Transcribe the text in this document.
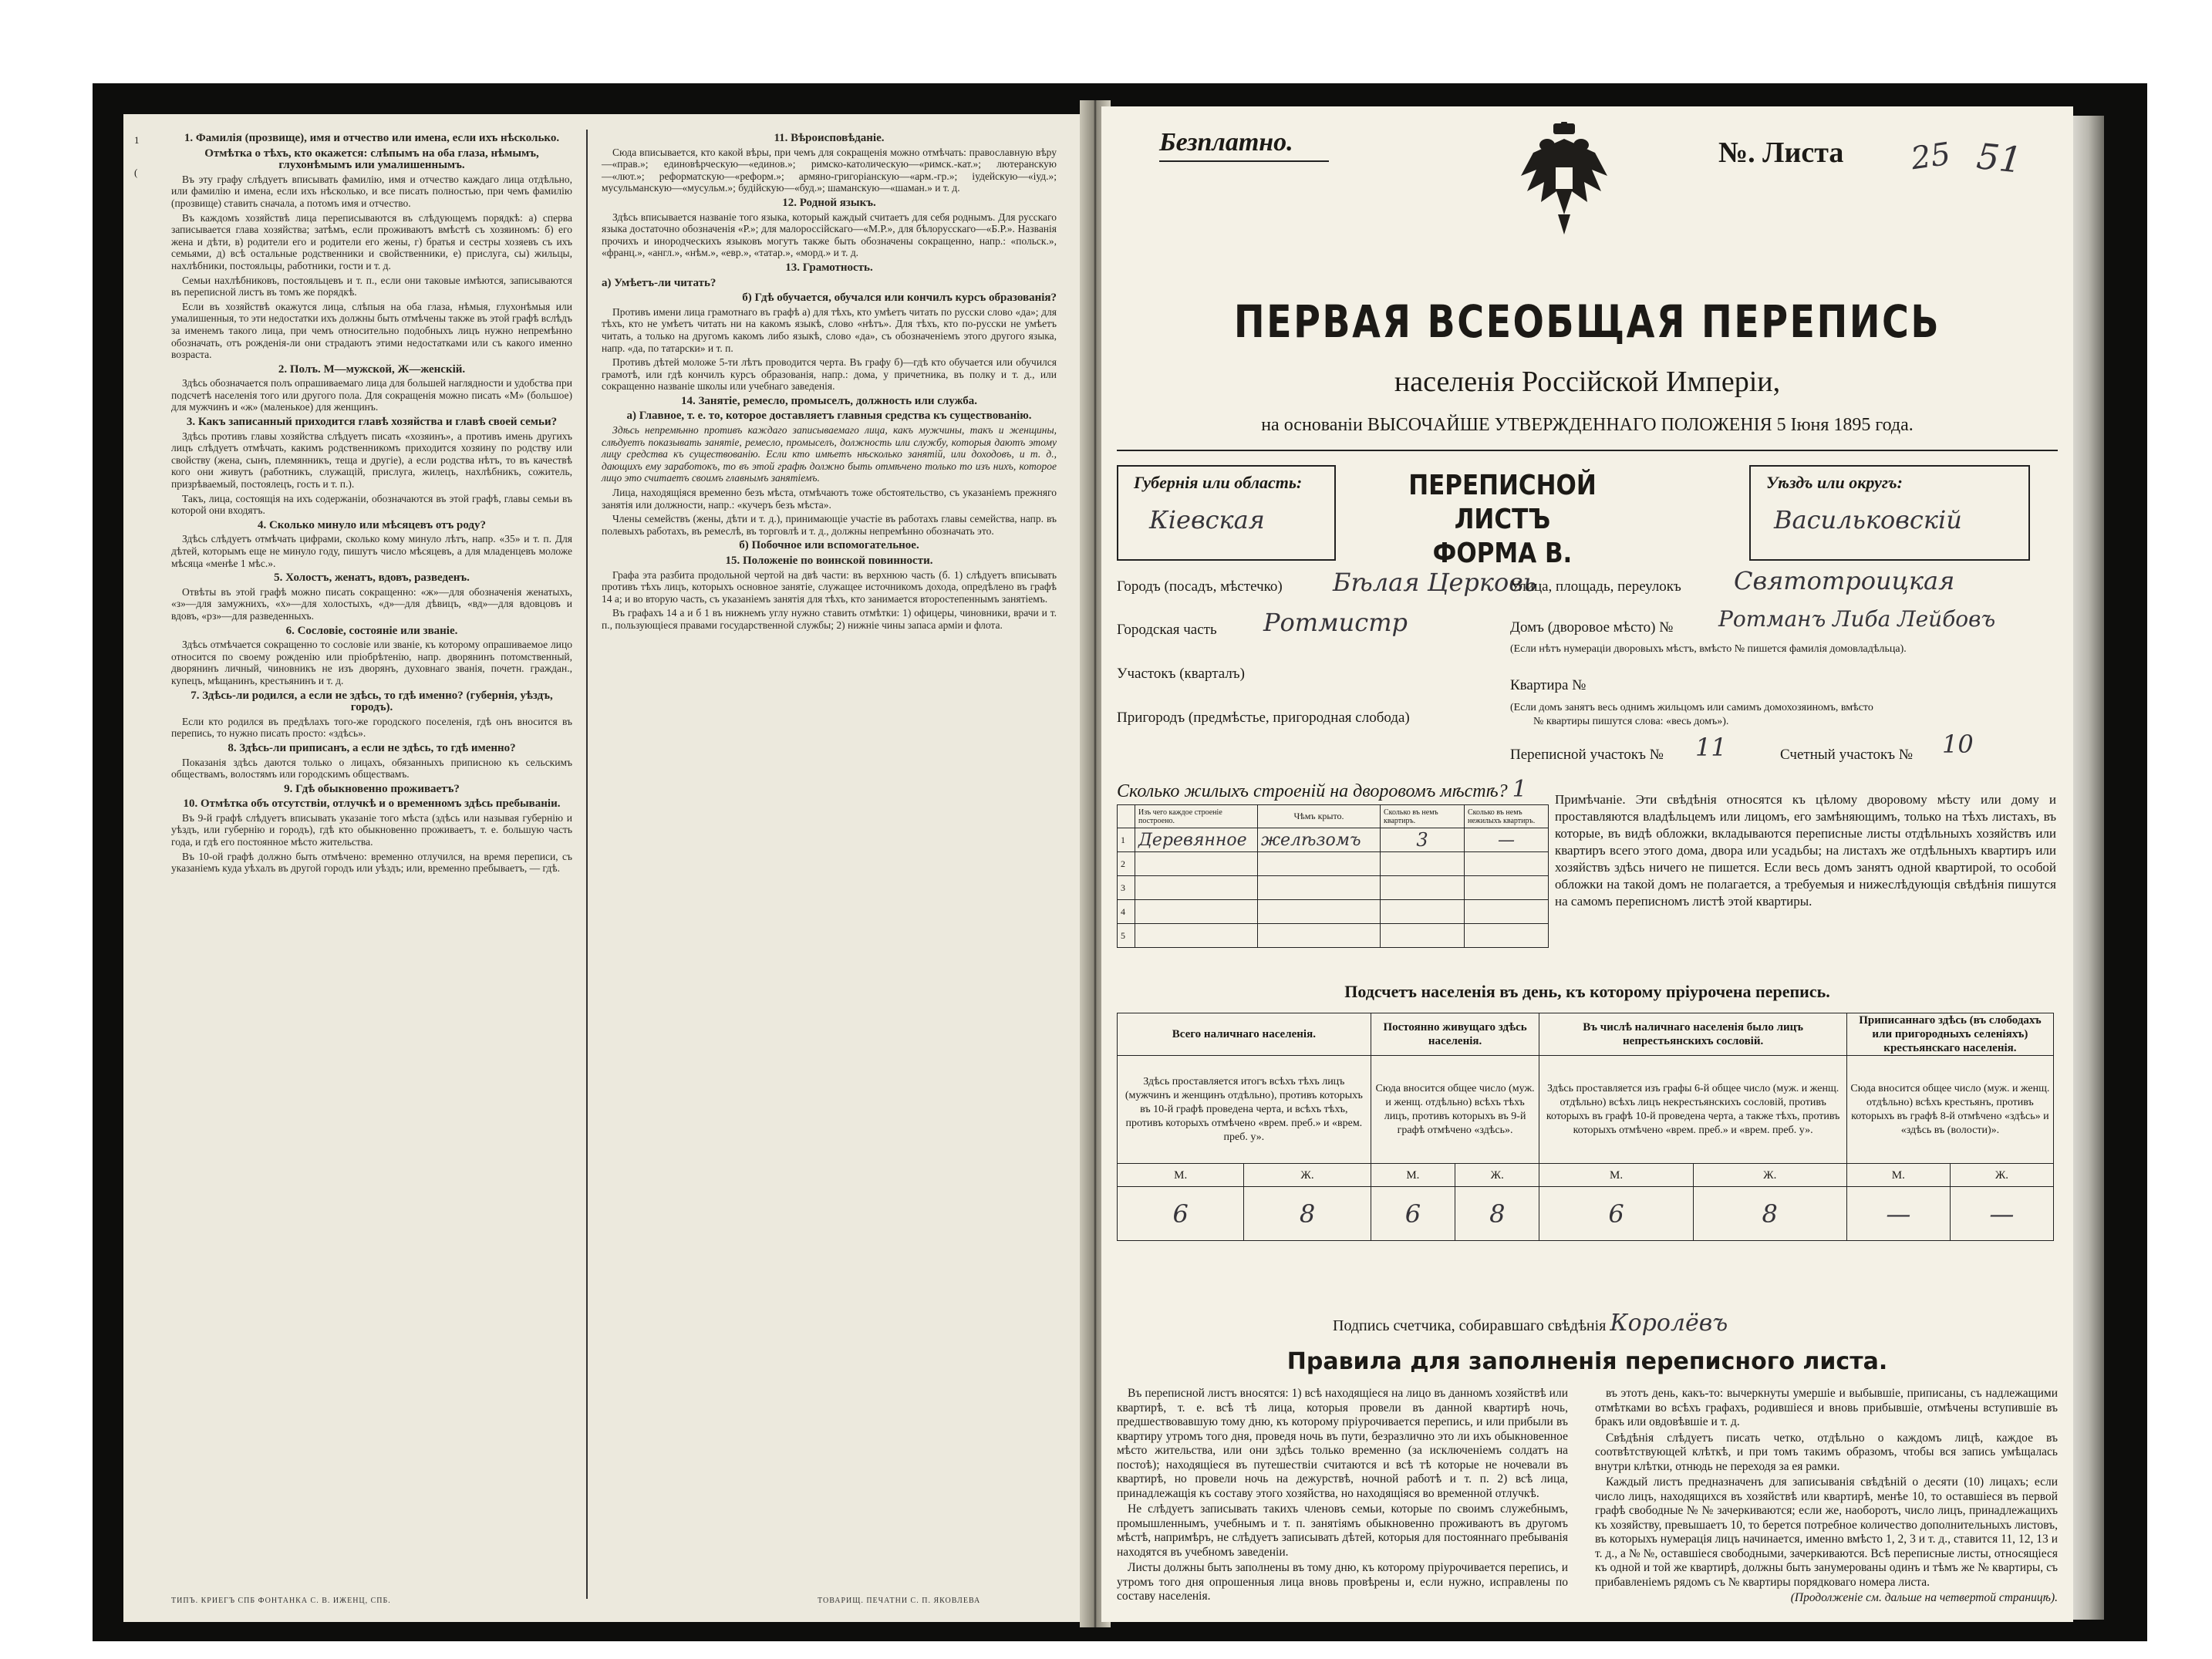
1
(
1. Фамилія (прозвище), имя и отчество или имена, если ихъ нѣсколько.
Отмѣтка о тѣхъ, кто окажется: слѣпымъ на оба глаза, нѣмымъ, глухонѣмымъ или умалишеннымъ.

Въ эту графу слѣдуетъ вписывать фамилію, имя и отчество каждаго лица отдѣльно, или фамилію и имена, если ихъ нѣсколько, и все писать полностью, при чемъ фамилію (прозвище) ставить сначала, а потомъ имя и отчество.

Въ каждомъ хозяйствѣ лица переписываются въ слѣдующемъ порядкѣ: а) сперва записывается глава хозяйства; затѣмъ, если проживаютъ вмѣстѣ съ хозяиномъ: б) его жена и дѣти, в) родители его и родители его жены, г) братья и сестры хозяевъ съ ихъ семьями, д) всѣ остальные родственники и свойственники, е) прислуга, сы) жильцы, нахлѣбники, постояльцы, работники, гости и т. д.

Семьи нахлѣбниковъ, постояльцевъ и т. п., если они таковые имѣются, записываются въ переписной листъ въ томъ же порядкѣ.

Если въ хозяйствѣ окажутся лица, слѣпыя на оба глаза, нѣмыя, глухонѣмыя или умалишенныя, то эти недостатки ихъ должны быть отмѣчены также въ этой графѣ вслѣдъ за именемъ такого лица, при чемъ относительно подобныхъ лицъ нужно непремѣнно обозначать, отъ рожденія-ли они страдаютъ этими недостатками или съ какого именно возраста.

2. Полъ. М—мужской, Ж—женскій.

Здѣсь обозначается полъ опрашиваемаго лица для большей наглядности и удобства при подсчетѣ населенія того или другого пола. Для сокращенія можно писать «М» (большое) для мужчинъ и «ж» (маленькое) для женщинъ.

3. Какъ записанный приходится главѣ хозяйства и главѣ своей семьи?

Здѣсь противъ главы хозяйства слѣдуетъ писать «хозяинъ», а противъ имень другихъ лицъ слѣдуетъ отмѣчать, какимъ родственникомъ приходится хозяину по родству или свойству (жена, сынъ, племянникъ, теща и другіе), а если родства нѣтъ, то въ качествѣ кого они живутъ (работникъ, служащій, прислуга, жилецъ, нахлѣбникъ, сожитель, призрѣваемый, постоялецъ, гость и т. п.).

Такъ, лица, состоящія на ихъ содержаніи, обозначаются въ этой графѣ, главы семьи въ которой они входятъ.

4. Сколько минуло или мѣсяцевъ отъ роду?

Здѣсь слѣдуетъ отмѣчать цифрами, сколько кому минуло лѣтъ, напр. «35» и т. п. Для дѣтей, которымъ еще не минуло году, пишутъ число мѣсяцевъ, а для младенцевъ моложе мѣсяца «менѣе 1 мѣс.».

5. Холостъ, женатъ, вдовъ, разведенъ.

Отвѣты въ этой графѣ можно писать сокращенно: «ж»—для обозначенія женатыхъ, «з»—для замужнихъ, «х»—для холостыхъ, «д»—для дѣвицъ, «вд»—для вдовцовъ и вдовъ, «рз»—для разведенныхъ.

6. Сословіе, состояніе или званіе.

Здѣсь отмѣчается сокращенно то сословіе или званіе, къ которому опрашиваемое лицо относится по своему рожденію или пріобрѣтенію, напр. дворянинъ потомственный, дворянинъ личный, чиновникъ не изъ дворянъ, духовнаго званія, почетн. граждан., купецъ, мѣщанинъ, крестьянинъ и т. д.

7. Здѣсь-ли родился, а если не здѣсь, то гдѣ именно? (губернія, уѣздъ, городъ).

Если кто родился въ предѣлахъ того-же городского поселенія, гдѣ онъ вносится въ перепись, то нужно писать просто: «здѣсь».

8. Здѣсь-ли приписанъ, а если не здѣсь, то гдѣ именно?

Показанія здѣсь даются только о лицахъ, обязанныхъ приписною къ сельскимъ обществамъ, волостямъ или городскимъ обществамъ.

9. Гдѣ обыкновенно проживаетъ?
10. Отмѣтка объ отсутствіи, отлучкѣ и о временномъ здѣсь пребываніи.

Въ 9-й графѣ слѣдуетъ вписывать указаніе того мѣста (здѣсь или называя губернію и уѣздъ, или губернію и городъ), гдѣ кто обыкновенно проживаетъ, т. е. большую часть года, и гдѣ его постоянное мѣсто жительства.

Въ 10-ой графѣ должно быть отмѣчено: временно отлучился, на время переписи, съ указаніемъ куда уѣхалъ въ другой городъ или уѣздъ; или, временно пребываетъ, — гдѣ.

11. Вѣроисповѣданіе.

Сюда вписывается, кто какой вѣры, при чемъ для сокращенія можно отмѣчать: православную вѣру—«прав.»; единовѣрческую—«единов.»; римско-католическую—«римск.-кат.»; лютеранскую—«лют.»; реформатскую—«реформ.»; армяно-григоріанскую—«арм.-гр.»; іудейскую—«іуд.»; мусульманскую—«мусульм.»; будійскую—«буд.»; шаманскую—«шаман.» и т. д.

12. Родной языкъ.

Здѣсь вписывается названіе того языка, который каждый считаетъ для себя роднымъ. Для русскаго языка достаточно обозначенія «Р.»; для малороссійскаго—«М.Р.», для бѣлорусскаго—«Б.Р.». Названія прочихъ и инородческихъ языковъ могутъ также быть обозначены сокращенно, напр.: «польск.», «франц.», «англ.», «нѣм.», «евр.», «татар.», «морд.» и т. д.

13. Грамотность.
а) Умѣетъ-ли читать?
б) Гдѣ обучается, обучался или кончилъ курсъ образованія?

Противъ имени лица грамотнаго въ графѣ а) для тѣхъ, кто умѣетъ читать по русски слово «да»; для тѣхъ, кто не умѣетъ читать ни на какомъ языкѣ, слово «нѣтъ». Для тѣхъ, кто по-русски не умѣетъ читать, а только на другомъ какомъ либо языкѣ, слово «да», съ обозначеніемъ этого другого языка, напр. «да, по татарски» и т. п.

Противъ дѣтей моложе 5-ти лѣтъ проводится черта. Въ графу б)—гдѣ кто обучается или обучился грамотѣ, или гдѣ кончилъ курсъ образованія, напр.: дома, у причетника, въ полку и т. д., или сокращенно названіе школы или учебнаго заведенія.

14. Занятіе, ремесло, промыселъ, должность или служба.
а) Главное, т. е. то, которое доставляетъ главныя средства къ существованію.

Здѣсь непремѣнно противъ каждаго записываемаго лица, какъ мужчины, такъ и женщины, слѣдуетъ показывать занятіе, ремесло, промыселъ, должность или службу, которыя даютъ этому лицу средства къ существованію. Если кто имѣетъ нѣсколько занятій, или доходовъ, и т. д., дающихъ ему заработокъ, то въ этой графѣ должно быть отмѣчено только то изъ нихъ, которое лицо это считаетъ своимъ главнымъ занятіемъ.

Лица, находящіяся временно безъ мѣста, отмѣчаютъ тоже обстоятельство, съ указаніемъ прежняго занятія или должности, напр.: «кучеръ безъ мѣста».

Члены семействъ (жены, дѣти и т. д.), принимающіе участіе въ работахъ главы семейства, напр. въ полевыхъ работахъ, въ ремеслѣ, въ торговлѣ и т. д., должны непремѣнно обозначать это.

б) Побочное или вспомогательное.
15. Положеніе по воинской повинности.

Графа эта разбита продольной чертой на двѣ части: въ верхнюю часть (б. 1) слѣдуетъ вписывать противъ тѣхъ лицъ, которыхъ основное занятіе, служащее источникомъ дохода, опредѣлено въ графѣ 14 а; и во вторую часть, съ указаніемъ занятія для тѣхъ, кто занимается второстепеннымъ занятіемъ.

Въ графахъ 14 а и б 1 въ нижнемъ углу нужно ставить отмѣтки: 1) офицеры, чиновники, врачи и т. п., пользующіеся правами государственной службы; 2) нижніе чины запаса армiи и флота.

ТИПЪ. КРИЕГЪ СПБ ФОНТАНКА С. В. ИЖЕНЦ, СПБ.	ТОВАРИЩ. ПЕЧАТНИ С. П. ЯКОВЛЕВА
Безплатно.	№. Листа 25 51
ПЕРВАЯ ВСЕОБЩАЯ ПЕРЕПИСЬ
населенія Россійской Имперіи,
на основаніи ВЫСОЧАЙШЕ УТВЕРЖДЕННАГО ПОЛОЖЕНІЯ 5 Іюня 1895 года.
Губернія или область:
Кіевская
ПЕРЕПИСНОЙ ЛИСТЪ
ФОРМА В.
Уѣздъ или округъ:
Васильковскій
Городъ (посадъ, мѣстечко) Бѣлая Церковь
Городская часть Ротмистр
Участокъ (кварталъ)
Пригородъ (предмѣстье, пригородная слобода)
Улица, площадь, переулокъ Святотроицкая
Домъ (дворовое мѣсто) № Ротманъ Либа Лейбовъ
(Если нѣтъ нумераціи дворовыхъ мѣстъ, вмѣсто № пишется фамилія домовладѣльца).
Квартира №
(Если домъ занятъ весь однимъ жильцомъ или самимъ домохозяиномъ, вмѣсто
№ квартиры пишутся слова: «весь домъ»).
Переписной участокъ № 11	Счетный участокъ № 10
Сколько жилыхъ строеній на дворовомъ мѣстѣ? 1
	Изъ чего каждое строеніе построено.	Чѣмъ крыто.	Сколько въ немъ квартиръ.	Сколько въ немъ нежилыхъ квартиръ.
1	Деревянное	желѣзомъ	3	—
2				
3				
4				
5				
Примѣчаніе. Эти свѣдѣнія относятся къ цѣлому дворовому мѣсту или дому и проставляются владѣльцемъ или лицомъ, его замѣняющимъ, только на тѣхъ листахъ, въ которые, въ видѣ обложки, вкладываются переписные листы отдѣльныхъ хозяйствъ или квартиръ всего этого дома, двора или усадьбы; на листахъ же отдѣльныхъ квартиръ или хозяйствъ здѣсь ничего не пишется. Если весь домъ занятъ одной квартирой, то особой обложки на такой домъ не полагается, а требуемыя и нижеслѣдующія свѣдѣнія пишутся на самомъ переписномъ листѣ этой квартиры.
Подсчетъ населенія въ день, къ которому пріурочена перепись.
Всего наличнаго населенія.		Постоянно живущаго здѣсь населенія.		Въ числѣ наличнаго населенія было лицъ непрестьянскихъ сословій.		Приписаннаго здѣсь (въ слободахъ или пригородныхъ селеніяхъ) крестьянскаго населенія.	
Здѣсь проставляется итогъ всѣхъ тѣхъ лицъ (мужчинъ и женщинъ отдѣльно), противъ которыхъ въ 10-й графѣ проведена черта, и всѣхъ тѣхъ, противъ которыхъ отмѣчено «врем. преб.» и «врем. преб. у».		Сюда вносится общее число (муж. и женщ. отдѣльно) всѣхъ тѣхъ лицъ, противъ которыхъ въ 9-й графѣ отмѣчено «здѣсь».		Здѣсь проставляется изъ графы 6-й общее число (муж. и женщ. отдѣльно) всѣхъ лицъ некрестьянскихъ сословій, противъ которыхъ въ графѣ 10-й проведена черта, а также тѣхъ, противъ которыхъ отмѣчено «врем. преб.» и «врем. преб. у».		Сюда вносится общее число (муж. и женщ. отдѣльно) всѣхъ крестьянъ, противъ которыхъ въ графѣ 8-й отмѣчено «здѣсь» и «здѣсь въ (волости)».	
М.	Ж.	М.	Ж.	М.	Ж.	М.	Ж.
6	8	6	8	6	8	—	—
Подпись счетчика, собиравшаго свѣдѣнія Королёвъ
Правила для заполненія переписного листа.

Въ переписной листъ вносятся: 1) всѣ находящіеся на лицо въ данномъ хозяйствѣ или квартирѣ, т. е. всѣ тѣ лица, которыя провели въ данной квартирѣ ночь, предшествовавшую тому дню, къ которому пріурочивается перепись, и или прибыли въ квартиру утромъ того дня, проведя ночь въ пути, безразлично это ли ихъ обыкновенное мѣсто жительства, или они здѣсь только временно (за исключеніемъ солдатъ на постоѣ); находящіеся въ путешествіи считаются и всѣ тѣ которые не ночевали въ квартирѣ, но провели ночь на дежурствѣ, ночной работѣ и т. п. 2) всѣ лица, принадлежащія къ составу этого хозяйства, но находящіяся во временной отлучкѣ.

Не слѣдуетъ записывать такихъ членовъ семьи, которые по своимъ служебнымъ, промышленнымъ, учебнымъ и т. п. занятіямъ обыкновенно проживаютъ въ другомъ мѣстѣ, напримѣръ, не слѣдуетъ записывать дѣтей, которыя для постояннаго пребыванія находятся въ учебномъ заведеніи.

Листы должны быть заполнены въ тому дню, къ которому пріурочивается перепись, и утромъ того дня опрошенныя лица вновь провѣрены и, если нужно, исправлены по составу населенія.

въ этотъ день, какъ-то: вычеркнуты умершіе и выбывшіе, приписаны, съ надлежащими отмѣтками во всѣхъ графахъ, родившіеся и вновь прибывшіе, отмѣчены вступившіе въ бракъ или овдовѣвшіе и т. д.

Свѣдѣнія слѣдуетъ писать четко, отдѣльно о каждомъ лицѣ, каждое въ соотвѣтствующей клѣткѣ, и при томъ такимъ образомъ, чтобы вся запись умѣщалась внутри клѣтки, отнюдь не переходя за ея рамки.

Каждый листъ предназначенъ для записыванія свѣдѣній о десяти (10) лицахъ; если число лицъ, находящихся въ хозяйствѣ или квартирѣ, менѣе 10, то оставшіеся въ первой графѣ свободные № № зачеркиваются; если же, наоборотъ, число лицъ, принадлежащихъ къ хозяйству, превышаетъ 10, то берется потребное количество дополнительныхъ листовъ, въ которыхъ нумерація лицъ начинается, именно вмѣсто 1, 2, 3 и т. д., ставится 11, 12, 13 и т. д., а № №, оставшіеся свободными, зачеркиваются. Всѣ переписные листы, относящіеся къ одной и той же квартирѣ, должны быть занумерованы одинъ и тѣмъ же № квартиры, съ прибавленіемъ рядомъ съ № квартиры порядковаго номера листа.

(Продолженіе см. дальше на четвертой страницѣ).
